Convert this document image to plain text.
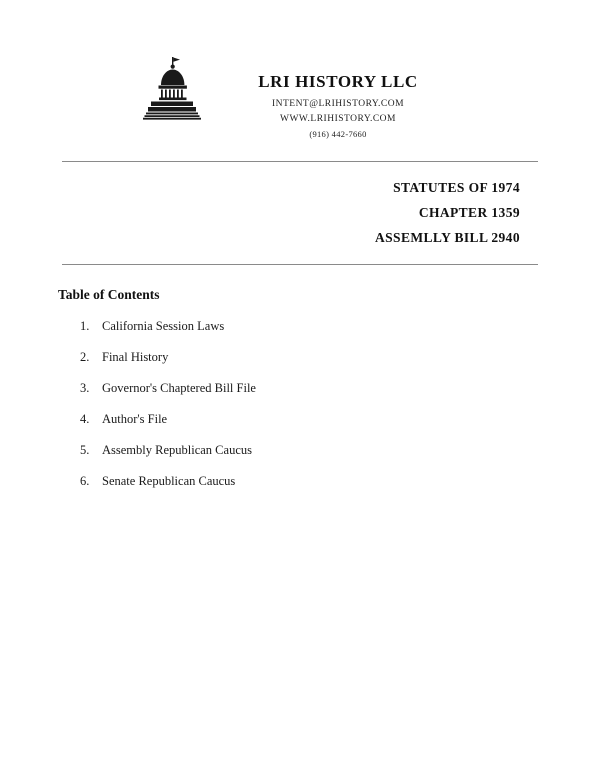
LRI HISTORY LLC
INTENT@LRIHISTORY.COM
WWW.LRIHISTORY.COM
(916) 442-7660
STATUTES OF 1974
CHAPTER 1359
ASSEMLLY BILL 2940
Table of Contents
California Session Laws
Final History
Governor's Chaptered Bill File
Author's File
Assembly Republican Caucus
Senate Republican Caucus
